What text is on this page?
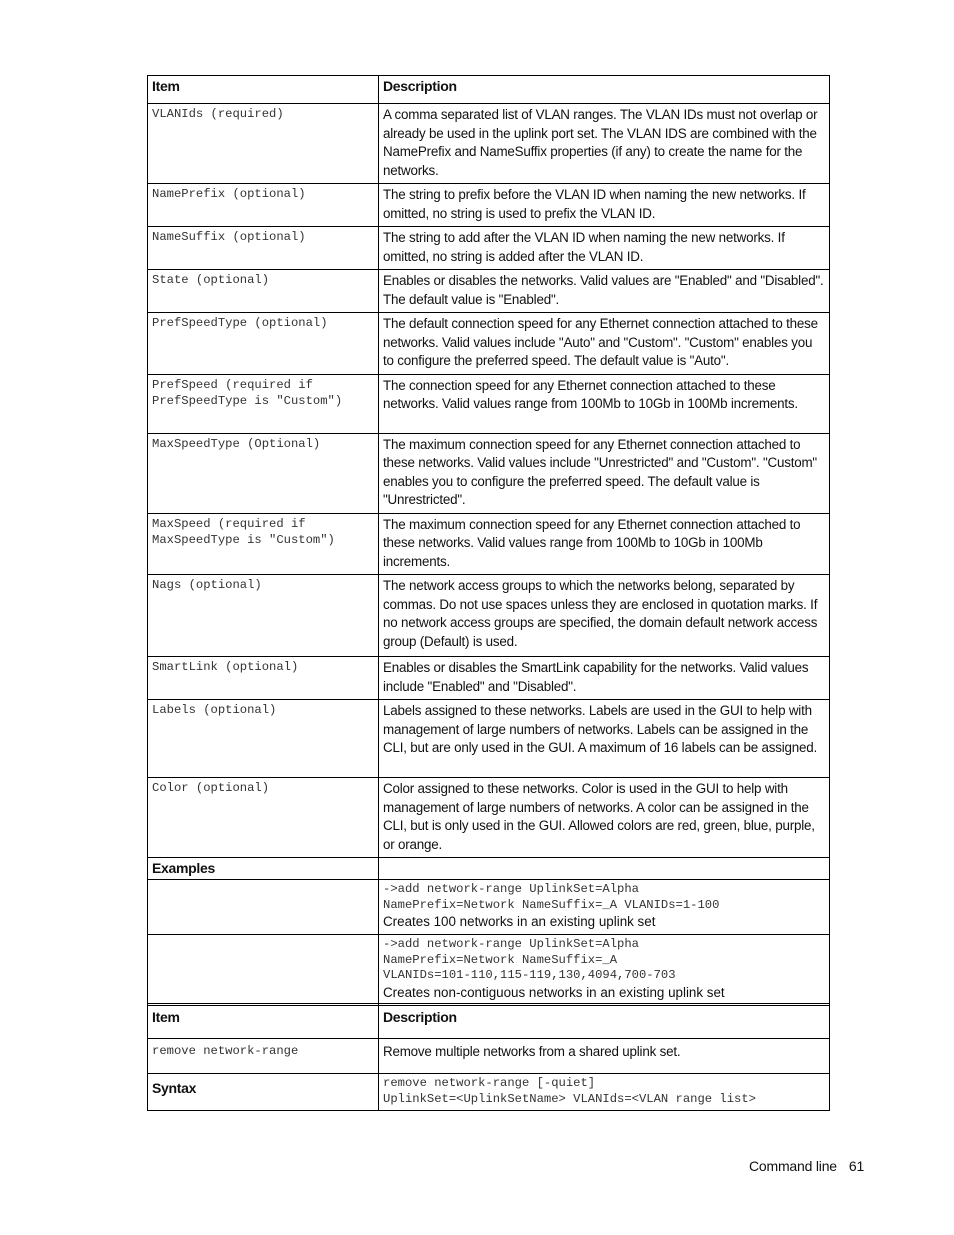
Item	Description
VLANIds (required)	A comma separated list of VLAN ranges. The VLAN IDs must not overlap or already be used in the uplink port set. The VLAN IDS are combined with the NamePrefix and NameSuffix properties (if any) to create the name for the networks.
NamePrefix (optional)	The string to prefix before the VLAN ID when naming the new networks. If omitted, no string is used to prefix the VLAN ID.
NameSuffix (optional)	The string to add after the VLAN ID when naming the new networks. If omitted, no string is added after the VLAN ID.
State (optional)	Enables or disables the networks. Valid values are "Enabled" and "Disabled". The default value is "Enabled".
PrefSpeedType (optional)	The default connection speed for any Ethernet connection attached to these networks. Valid values include "Auto" and "Custom". "Custom" enables you to configure the preferred speed. The default value is "Auto".
PrefSpeed (required if PrefSpeedType is "Custom")	The connection speed for any Ethernet connection attached to these networks. Valid values range from 100Mb to 10Gb in 100Mb increments.
MaxSpeedType (Optional)	The maximum connection speed for any Ethernet connection attached to these networks. Valid values include "Unrestricted" and "Custom". "Custom" enables you to configure the preferred speed. The default value is "Unrestricted".
MaxSpeed (required if MaxSpeedType is "Custom")	The maximum connection speed for any Ethernet connection attached to these networks. Valid values range from 100Mb to 10Gb in 100Mb increments.
Nags (optional)	The network access groups to which the networks belong, separated by commas. Do not use spaces unless they are enclosed in quotation marks. If no network access groups are specified, the domain default network access group (Default) is used.
SmartLink (optional)	Enables or disables the SmartLink capability for the networks. Valid values include "Enabled" and "Disabled".
Labels (optional)	Labels assigned to these networks. Labels are used in the GUI to help with management of large numbers of networks. Labels can be assigned in the CLI, but are only used in the GUI. A maximum of 16 labels can be assigned.
Color (optional)	Color assigned to these networks. Color is used in the GUI to help with management of large numbers of networks. A color can be assigned in the CLI, but is only used in the GUI. Allowed colors are red, green, blue, purple, or orange.
Examples	

	->add network-range UplinkSet=Alpha
NamePrefix=Network NameSuffix=_A VLANIDs=1-100
Creates 100 networks in an existing uplink set

	->add network-range UplinkSet=Alpha
NamePrefix=Network NameSuffix=_A
VLANIDs=101-110,115-119,130,4094,700-703
Creates non-contiguous networks in an existing uplink set
Item	Description
remove network-range	Remove multiple networks from a shared uplink set.
Syntax	remove network-range [-quiet]
UplinkSet=<UplinkSetName> VLANIds=<VLAN range list>
Command line 61
